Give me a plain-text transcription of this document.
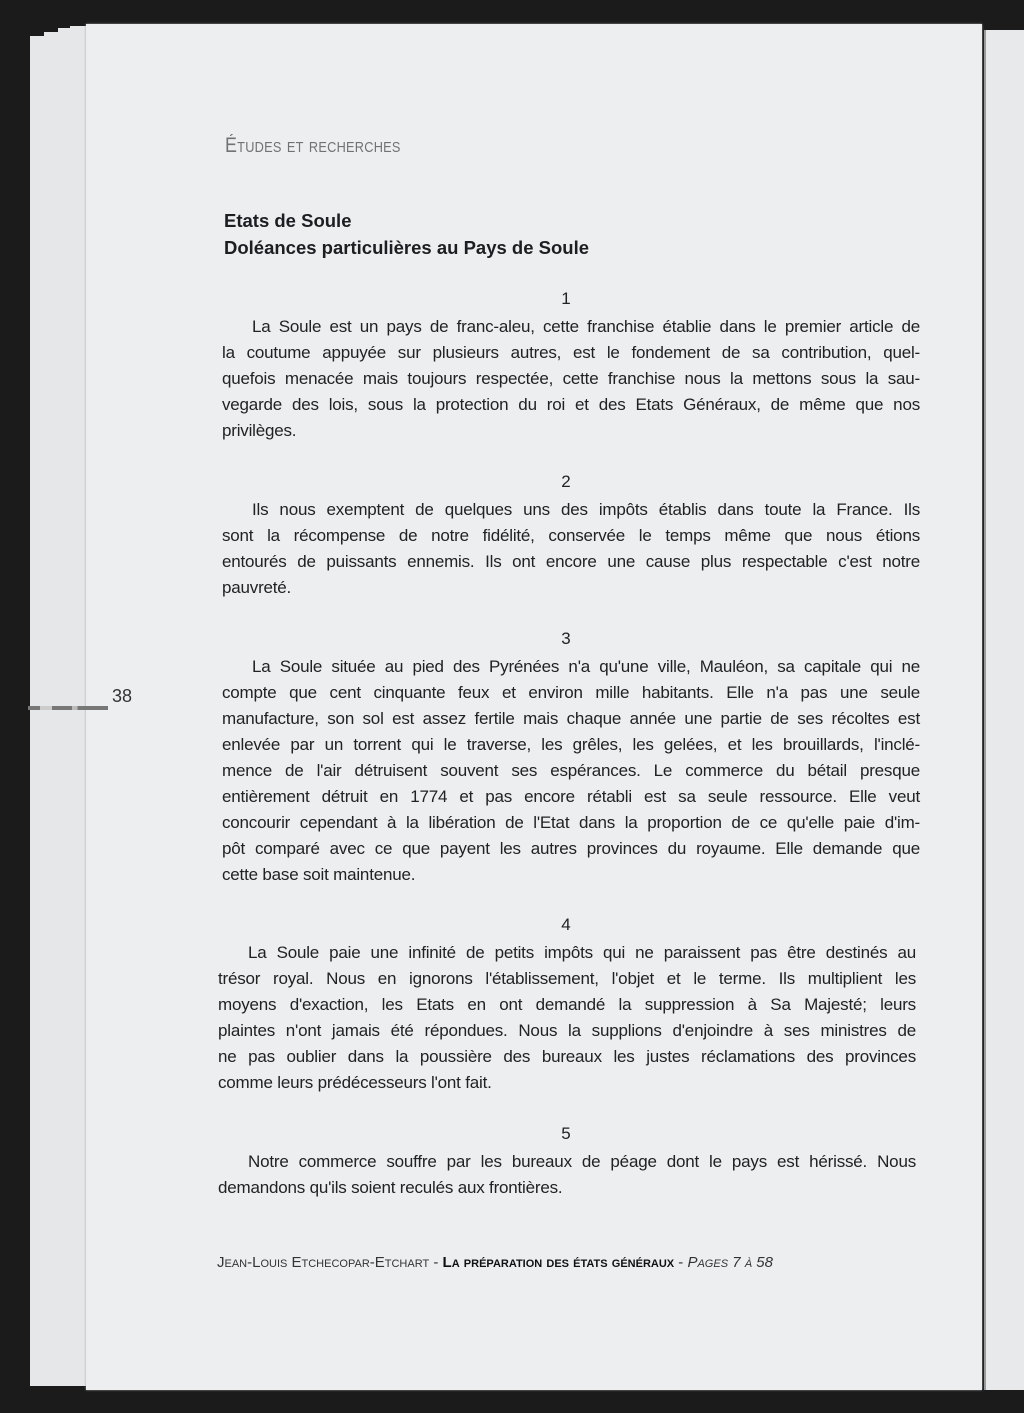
Études et recherches
Etats de Soule
Doléances particulières au Pays de Soule
38
1
La Soule est un pays de franc-aleu, cette franchise établie dans le premier article de
la coutume appuyée sur plusieurs autres, est le fondement de sa contribution, quel-
quefois menacée mais toujours respectée, cette franchise nous la mettons sous la sau-
vegarde des lois, sous la protection du roi et des Etats Généraux, de même que nos
privilèges.
2
Ils nous exemptent de quelques uns des impôts établis dans toute la France. Ils
sont la récompense de notre fidélité, conservée le temps même que nous étions
entourés de puissants ennemis. Ils ont encore une cause plus respectable c'est notre
pauvreté.
3
La Soule située au pied des Pyrénées n'a qu'une ville, Mauléon, sa capitale qui ne
compte que cent cinquante feux et environ mille habitants. Elle n'a pas une seule
manufacture, son sol est assez fertile mais chaque année une partie de ses récoltes est
enlevée par un torrent qui le traverse, les grêles, les gelées, et les brouillards, l'inclé-
mence de l'air détruisent souvent ses espérances. Le commerce du bétail presque
entièrement détruit en 1774 et pas encore rétabli est sa seule ressource. Elle veut
concourir cependant à la libération de l'Etat dans la proportion de ce qu'elle paie d'im-
pôt comparé avec ce que payent les autres provinces du royaume. Elle demande que
cette base soit maintenue.
4
La Soule paie une infinité de petits impôts qui ne paraissent pas être destinés au
trésor royal. Nous en ignorons l'établissement, l'objet et le terme. Ils multiplient les
moyens d'exaction, les Etats en ont demandé la suppression à Sa Majesté; leurs
plaintes n'ont jamais été répondues. Nous la supplions d'enjoindre à ses ministres de
ne pas oublier dans la poussière des bureaux les justes réclamations des provinces
comme leurs prédécesseurs l'ont fait.
5
Notre commerce souffre par les bureaux de péage dont le pays est hérissé. Nous
demandons qu'ils soient reculés aux frontières.
Jean-Louis Etchecopar-Etchart - La préparation des états généraux - Pages 7 à 58
